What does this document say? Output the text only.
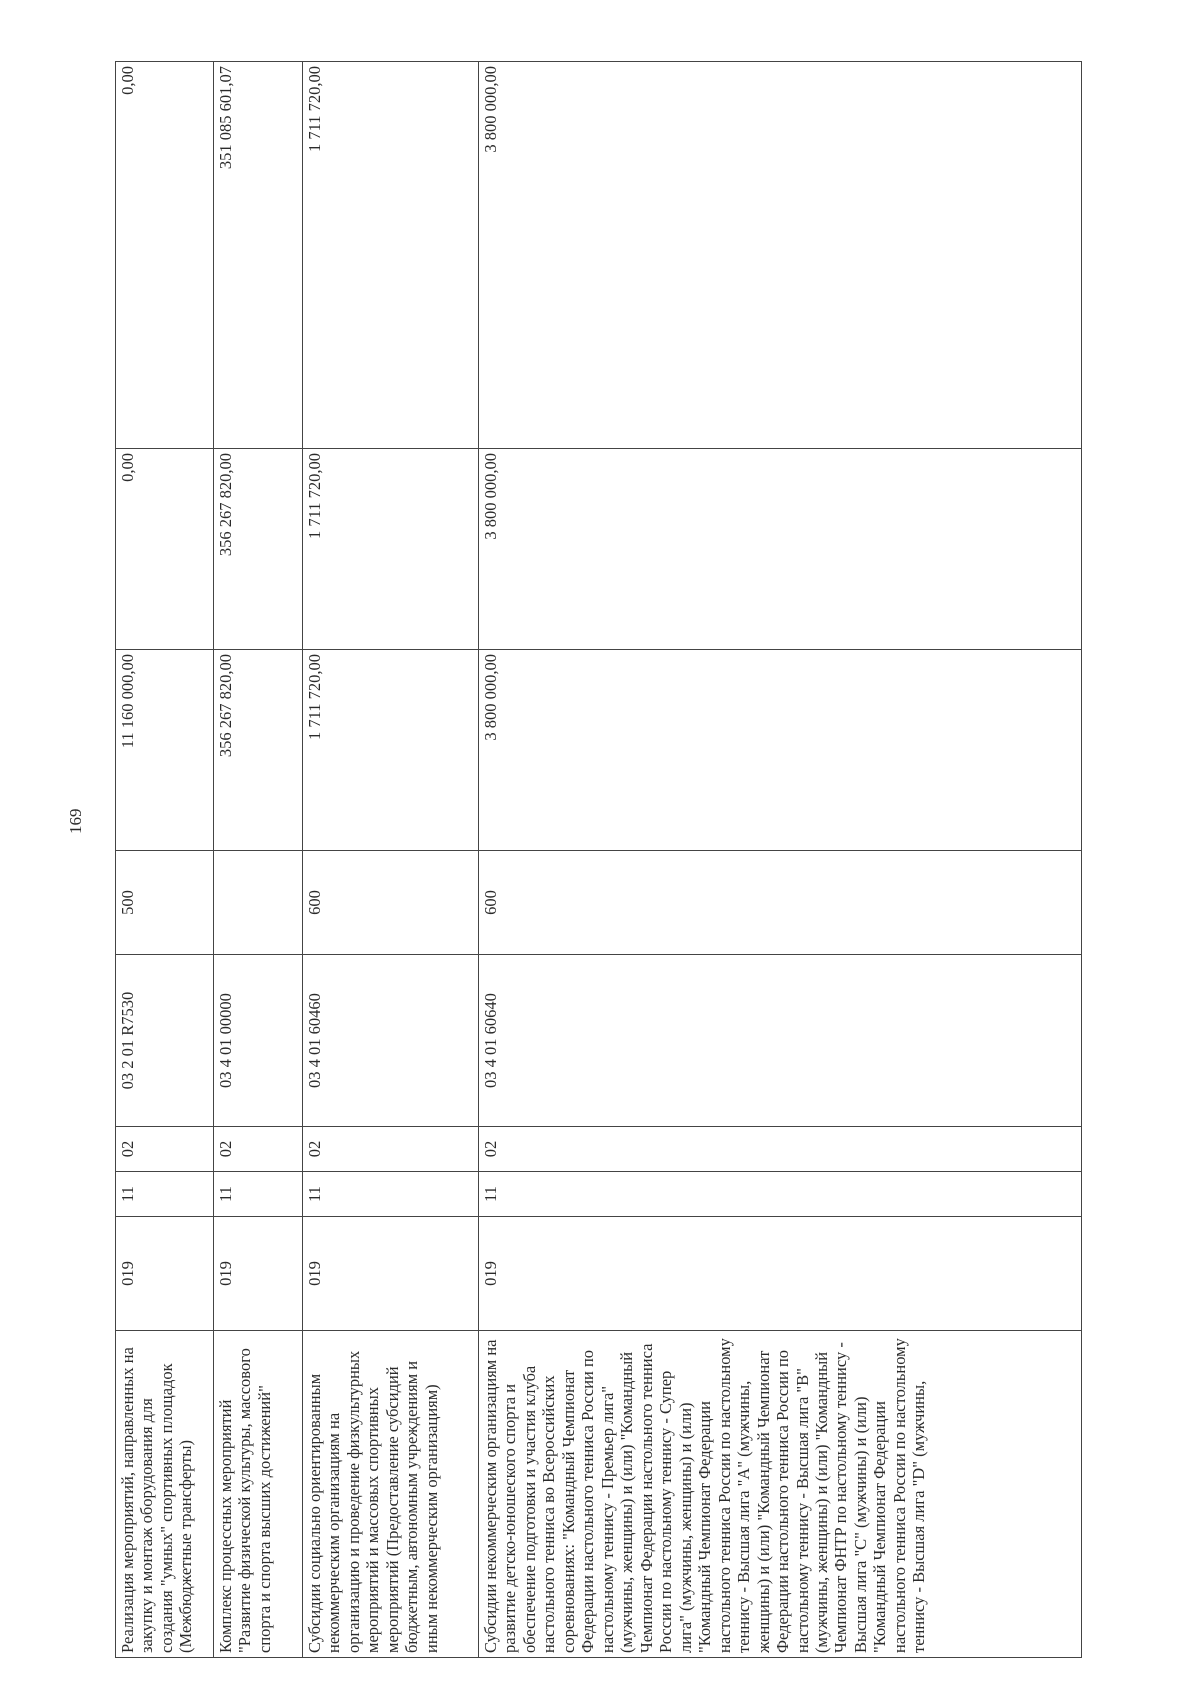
169
Реализация мероприятий, направленных на закупку и монтаж оборудования для создания "умных" спортивных площадок (Межбюджетные трансферты)	019	11	02	03 2 01 R7530	500	11 160 000,00	0,00	0,00
Комплекс процессных мероприятий "Развитие физической культуры, массового спорта и спорта высших достижений"	019	11	02	03 4 01 00000		356 267 820,00	356 267 820,00	351 085 601,07
Субсидии социально ориентированным некоммерческим организациям на организацию и проведение физкультурных мероприятий и массовых спортивных мероприятий (Предоставление субсидий бюджетным, автономным учреждениям и иным некоммерческим организациям)	019	11	02	03 4 01 60460	600	1 711 720,00	1 711 720,00	1 711 720,00
Субсидии некоммерческим организациям на развитие детско-юношеского спорта и обеспечение подготовки и участия клуба настольного тенниса во Всероссийских соревнованиях: "Командный Чемпионат Федерации настольного тенниса России по настольному теннису - Премьер лига" (мужчины, женщины) и (или) "Командный Чемпионат Федерации настольного тенниса России по настольному теннису - Супер лига" (мужчины, женщины) и (или) "Командный Чемпионат Федерации настольного тенниса России по настольному теннису - Высшая лига "А" (мужчины, женщины) и (или) "Командный Чемпионат Федерации настольного тенниса России по настольному теннису - Высшая лига "В" (мужчины, женщины) и (или) "Командный Чемпионат ФНТР по настольному теннису - Высшая лига "С" (мужчины) и (или) "Командный Чемпионат Федерации настольного тенниса России по настольному теннису - Высшая лига "D" (мужчины,	019	11	02	03 4 01 60640	600	3 800 000,00	3 800 000,00	3 800 000,00
